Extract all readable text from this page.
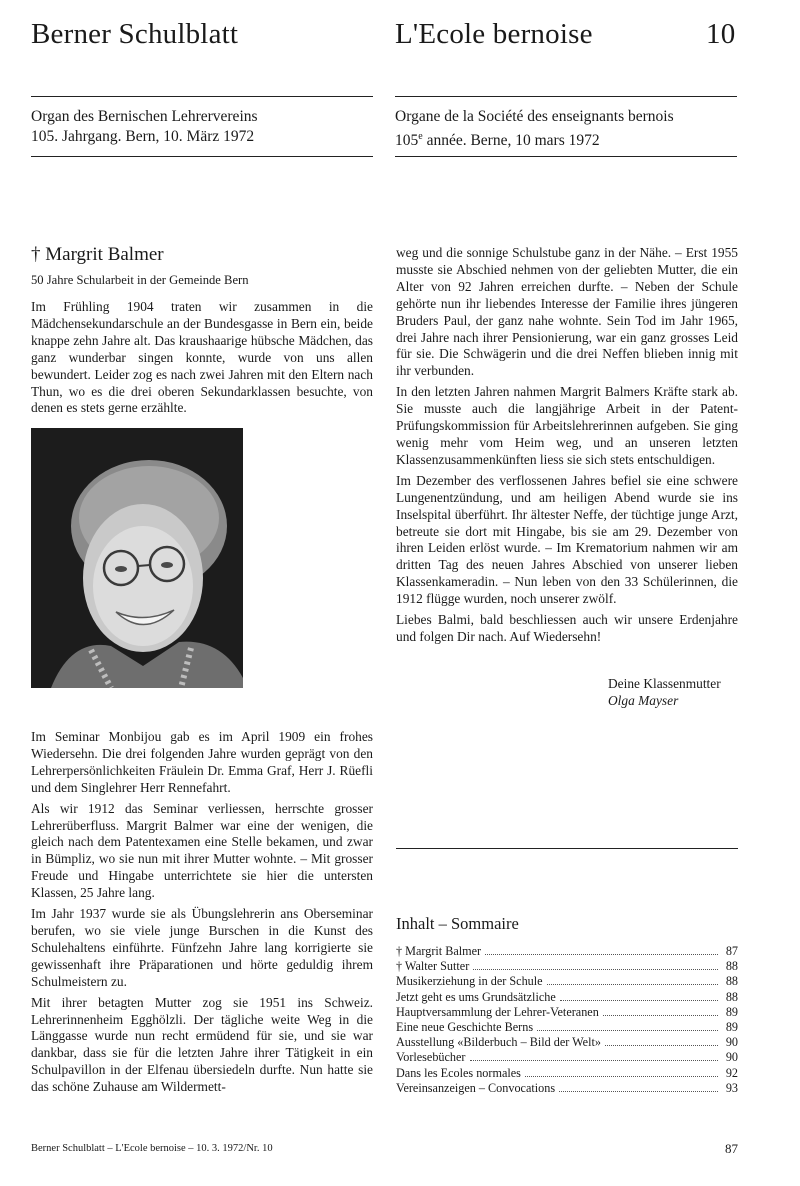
Berner Schulblatt	L'Ecole bernoise	10
Organ des Bernischen Lehrervereins
105. Jahrgang. Bern, 10. März 1972
Organe de la Société des enseignants bernois
105e année. Berne, 10 mars 1972
† Margrit Balmer
50 Jahre Schularbeit in der Gemeinde Bern

Im Frühling 1904 traten wir zusammen in die Mädchensekundarschule an der Bundesgasse in Bern ein, beide knappe zehn Jahre alt. Das kraushaarige hübsche Mädchen, das ganz wunderbar singen konnte, wurde von uns allen bewundert. Leider zog es nach zwei Jahren mit den Eltern nach Thun, wo es die drei oberen Sekundarklassen besuchte, von denen es stets gerne erzählte.

Im Seminar Monbijou gab es im April 1909 ein frohes Wiedersehn. Die drei folgenden Jahre wurden geprägt von den Lehrerpersönlichkeiten Fräulein Dr. Emma Graf, Herr J. Rüefli und dem Singlehrer Herr Rennefahrt.

Als wir 1912 das Seminar verliessen, herrschte grosser Lehrerüberfluss. Margrit Balmer war eine der wenigen, die gleich nach dem Patentexamen eine Stelle bekamen, und zwar in Bümpliz, wo sie nun mit ihrer Mutter wohnte. – Mit grosser Freude und Hingabe unterrichtete sie hier die untersten Klassen, 25 Jahre lang.

Im Jahr 1937 wurde sie als Übungslehrerin ans Oberseminar berufen, wo sie viele junge Burschen in die Kunst des Schulehaltens einführte. Fünfzehn Jahre lang korrigierte sie gewissenhaft ihre Präparationen und hörte geduldig ihrem Schulmeistern zu.

Mit ihrer betagten Mutter zog sie 1951 ins Schweiz. Lehrerinnenheim Egghölzli. Der tägliche weite Weg in die Länggasse wurde nun recht ermüdend für sie, und sie war dankbar, dass sie für die letzten Jahre ihrer Tätigkeit in ein Schulpavillon in der Elfenau übersiedeln durfte. Nun hatte sie das schöne Zuhause am Wildermett-

weg und die sonnige Schulstube ganz in der Nähe. – Erst 1955 musste sie Abschied nehmen von der geliebten Mutter, die ein Alter von 92 Jahren erreichen durfte. – Neben der Schule gehörte nun ihr liebendes Interesse der Familie ihres jüngeren Bruders Paul, der ganz nahe wohnte. Sein Tod im Jahr 1965, drei Jahre nach ihrer Pensionierung, war ein ganz grosses Leid für sie. Die Schwägerin und die drei Neffen blieben innig mit ihr verbunden.

In den letzten Jahren nahmen Margrit Balmers Kräfte stark ab. Sie musste auch die langjährige Arbeit in der Patent-Prüfungskommission für Arbeitslehrerinnen aufgeben. Sie ging wenig mehr vom Heim weg, und an unseren letzten Klassenzusammenkünften liess sie sich stets entschuldigen.

Im Dezember des verflossenen Jahres befiel sie eine schwere Lungenentzündung, und am heiligen Abend wurde sie ins Inselspital überführt. Ihr ältester Neffe, der tüchtige junge Arzt, betreute sie dort mit Hingabe, bis sie am 29. Dezember von ihren Leiden erlöst wurde. – Im Krematorium nahmen wir am dritten Tag des neuen Jahres Abschied von unserer lieben Klassenkameradin. – Nun leben von den 33 Schülerinnen, die 1912 flügge wurden, noch unserer zwölf.

Liebes Balmi, bald beschliessen auch wir unsere Erdenjahre und folgen Dir nach. Auf Wiedersehn!

Deine Klassenmutter
Olga Mayser
Inhalt – Sommaire
† Margrit Balmer	87
† Walter Sutter	88
Musikerziehung in der Schule	88
Jetzt geht es ums Grundsätzliche	88
Hauptversammlung der Lehrer-Veteranen	89
Eine neue Geschichte Berns	89
Ausstellung «Bilderbuch – Bild der Welt»	90
Vorlesebücher	90
Dans les Ecoles normales	92
Vereinsanzeigen – Convocations	93
Berner Schulblatt – L'Ecole bernoise – 10. 3. 1972/Nr. 10	87
